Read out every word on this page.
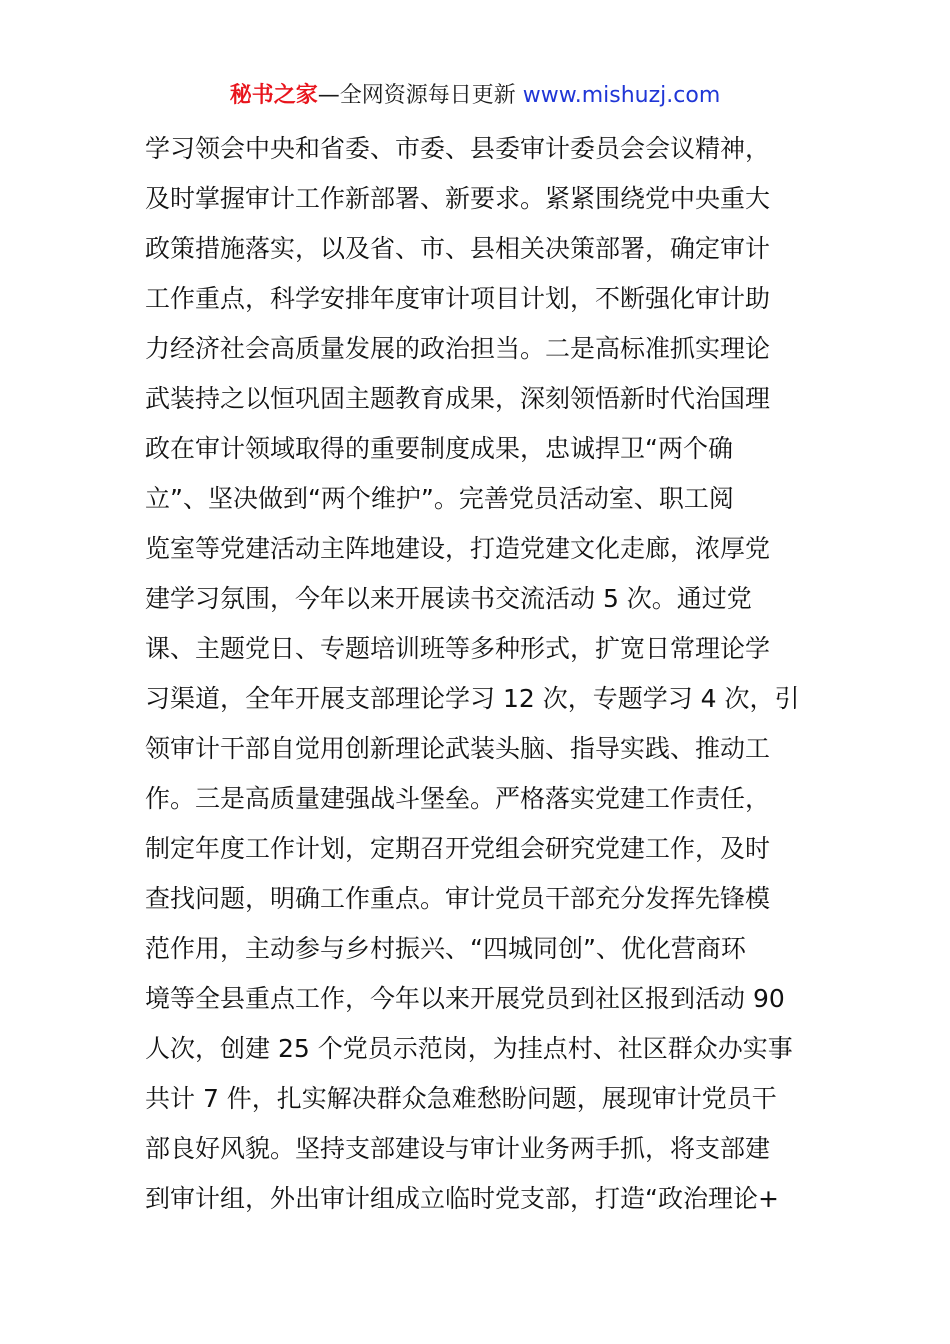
秘书之家—全网资源每日更新 www.mishuzj.com
学习领会中央和省委、市委、县委审计委员会会议精神，
及时掌握审计工作新部署、新要求。紧紧围绕党中央重大
政策措施落实，以及省、市、县相关决策部署，确定审计
工作重点，科学安排年度审计项目计划，不断强化审计助
力经济社会高质量发展的政治担当。二是高标准抓实理论
武装持之以恒巩固主题教育成果，深刻领悟新时代治国理
政在审计领域取得的重要制度成果，忠诚捍卫“两个确
立”、坚决做到“两个维护”。完善党员活动室、职工阅
览室等党建活动主阵地建设，打造党建文化走廊，浓厚党
建学习氛围，今年以来开展读书交流活动 5 次。通过党
课、主题党日、专题培训班等多种形式，扩宽日常理论学
习渠道，全年开展支部理论学习 12 次，专题学习 4 次，引
领审计干部自觉用创新理论武装头脑、指导实践、推动工
作。三是高质量建强战斗堡垒。严格落实党建工作责任，
制定年度工作计划，定期召开党组会研究党建工作，及时
查找问题，明确工作重点。审计党员干部充分发挥先锋模
范作用，主动参与乡村振兴、“四城同创”、优化营商环
境等全县重点工作，今年以来开展党员到社区报到活动 90
人次，创建 25 个党员示范岗，为挂点村、社区群众办实事
共计 7 件，扎实解决群众急难愁盼问题，展现审计党员干
部良好风貌。坚持支部建设与审计业务两手抓，将支部建
到审计组，外出审计组成立临时党支部，打造“政治理论+
